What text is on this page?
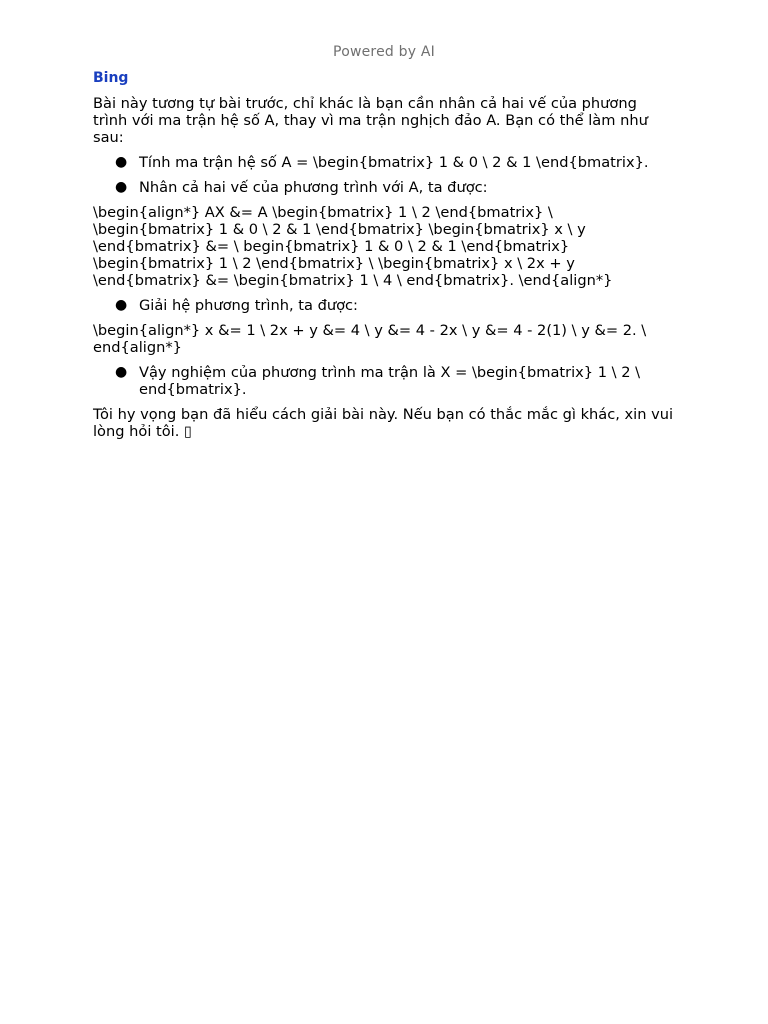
Powered by AI
Bing

Bài này tương tự bài trước, chỉ khác là bạn cần nhân cả hai vế của phương trình với ma trận hệ số A, thay vì ma trận nghịch đảo A. Bạn có thể làm như sau:

● Tính ma trận hệ số A = \begin{bmatrix} 1 & 0 \ 2 & 1 \end{bmatrix}.
● Nhân cả hai vế của phương trình với A, ta được:

\begin{align*} AX &= A \begin{bmatrix} 1 \ 2 \end{bmatrix} \ \begin{bmatrix} 1 & 0 \ 2 & 1 \end{bmatrix} \begin{bmatrix} x \ y \end{bmatrix} &= \ begin{bmatrix} 1 & 0 \ 2 & 1 \end{bmatrix} \begin{bmatrix} 1 \ 2 \end{bmatrix} \ \begin{bmatrix} x \ 2x + y \end{bmatrix} &= \begin{bmatrix} 1 \ 4 \ end{bmatrix}. \end{align*}

● Giải hệ phương trình, ta được:

\begin{align*} x &= 1 \ 2x + y &= 4 \ y &= 4 - 2x \ y &= 4 - 2(1) \ y &= 2. \ end{align*}

● Vậy nghiệm của phương trình ma trận là X = \begin{bmatrix} 1 \ 2 \ end{bmatrix}.

Tôi hy vọng bạn đã hiểu cách giải bài này. Nếu bạn có thắc mắc gì khác, xin vui lòng hỏi tôi. ▯
